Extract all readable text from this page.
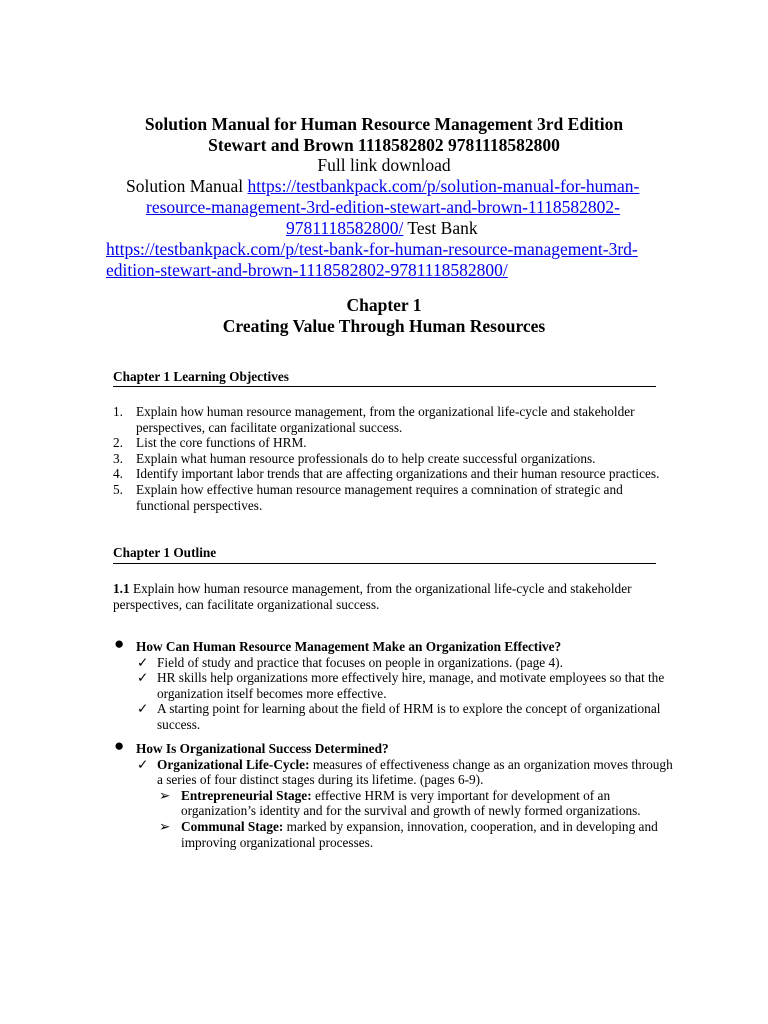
Solution Manual for Human Resource Management 3rd Edition
Stewart and Brown 1118582802 9781118582800
Full link download
Solution Manual https://testbankpack.com/p/solution-manual-for-human-
resource-management-3rd-edition-stewart-and-brown-1118582802-
9781118582800/ Test Bank
https://testbankpack.com/p/test-bank-for-human-resource-management-3rd-
edition-stewart-and-brown-1118582802-9781118582800/
Chapter 1
Creating Value Through Human Resources
Chapter 1 Learning Objectives
1. Explain how human resource management, from the organizational life-cycle and stakeholder perspectives, can facilitate organizational success.
2. List the core functions of HRM.
3. Explain what human resource professionals do to help create successful organizations.
4. Identify important labor trends that are affecting organizations and their human resource practices.
5. Explain how effective human resource management requires a comnination of strategic and functional perspectives.
Chapter 1 Outline
1.1 Explain how human resource management, from the organizational life-cycle and stakeholder perspectives, can facilitate organizational success.
● How Can Human Resource Management Make an Organization Effective?
✓ Field of study and practice that focuses on people in organizations. (page 4).
✓ HR skills help organizations more effectively hire, manage, and motivate employees so that the organization itself becomes more effective.
✓ A starting point for learning about the field of HRM is to explore the concept of organizational success.
● How Is Organizational Success Determined?
✓ Organizational Life-Cycle: measures of effectiveness change as an organization moves through a series of four distinct stages during its lifetime. (pages 6-9).
➢ Entrepreneurial Stage: effective HRM is very important for development of an organization’s identity and for the survival and growth of newly formed organizations.
➢ Communal Stage: marked by expansion, innovation, cooperation, and in developing and improving organizational processes.
